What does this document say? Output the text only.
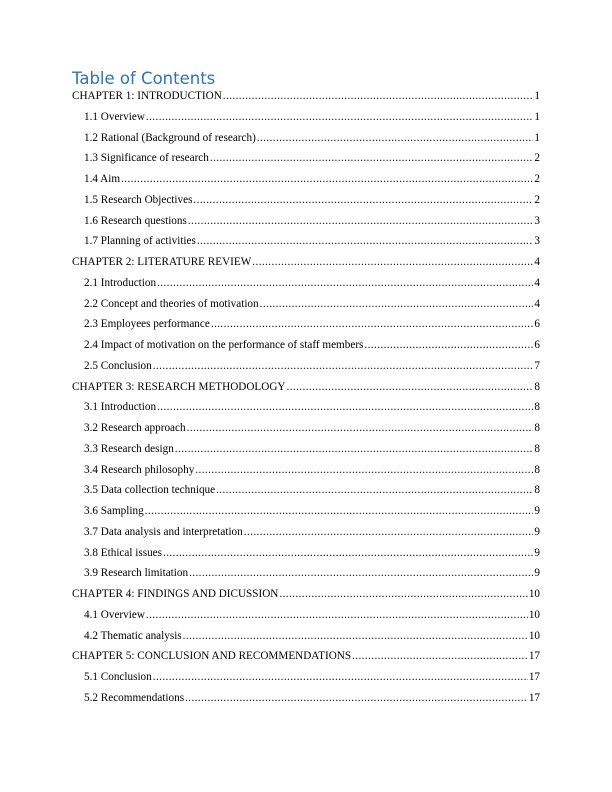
Table of Contents
CHAPTER 1: INTRODUCTION .....	1
1.1 Overview .....	1
1.2 Rational (Background of research) .....	1
1.3 Significance of research .....	2
1.4 Aim .....	2
1.5 Research Objectives .....	2
1.6 Research questions .....	3
1.7 Planning of activities .....	3
CHAPTER 2: LITERATURE REVIEW .....	4
2.1 Introduction .....	4
2.2 Concept and theories of motivation .....	4
2.3 Employees performance .....	6
2.4 Impact of motivation on the performance of staff members .....	6
2.5 Conclusion .....	7
CHAPTER 3: RESEARCH METHODOLOGY .....	8
3.1 Introduction .....	8
3.2 Research approach .....	8
3.3 Research design .....	8
3.4 Research philosophy .....	8
3.5 Data collection technique .....	8
3.6 Sampling .....	9
3.7 Data analysis and interpretation .....	9
3.8 Ethical issues .....	9
3.9 Research limitation .....	9
CHAPTER 4: FINDINGS AND DICUSSION .....	10
4.1 Overview .....	10
4.2 Thematic analysis .....	10
CHAPTER 5: CONCLUSION AND RECOMMENDATIONS .....	17
5.1 Conclusion .....	17
5.2 Recommendations .....	17
